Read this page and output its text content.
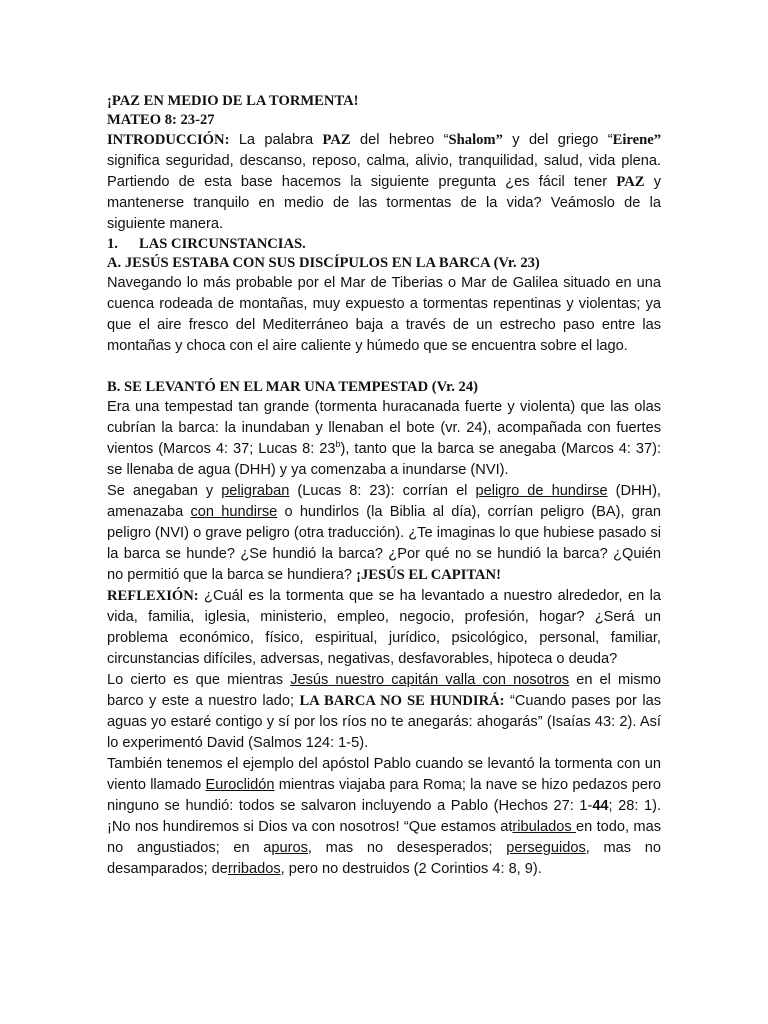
¡PAZ EN MEDIO DE LA TORMENTA!
MATEO 8: 23-27

INTRODUCCIÓN: La palabra PAZ del hebreo “Shalom” y del griego “Eirene” significa seguridad, descanso, reposo, calma, alivio, tranquilidad, salud, vida plena. Partiendo de esta base hacemos la siguiente pregunta ¿es fácil tener PAZ y mantenerse tranquilo en medio de las tormentas de la vida? Veámoslo de la siguiente manera.

1. LAS CIRCUNSTANCIAS.
A. JESÚS ESTABA CON SUS DISCÍPULOS EN LA BARCA (Vr. 23)

Navegando lo más probable por el Mar de Tiberias o Mar de Galilea situado en una cuenca rodeada de montañas, muy expuesto a tormentas repentinas y violentas; ya que el aire fresco del Mediterráneo baja a través de un estrecho paso entre las montañas y choca con el aire caliente y húmedo que se encuentra sobre el lago.

B. SE LEVANTÓ EN EL MAR UNA TEMPESTAD (Vr. 24)

Era una tempestad tan grande (tormenta huracanada fuerte y violenta) que las olas cubrían la barca: la inundaban y llenaban el bote (vr. 24), acompañada con fuertes vientos (Marcos 4: 37; Lucas 8: 23$^b$), tanto que la barca se anegaba (Marcos 4: 37): se llenaba de agua (DHH) y ya comenzaba a inundarse (NVI).

Se anegaban y peligraban (Lucas 8: 23): corrían el peligro de hundirse (DHH), amenazaba con hundirse o hundirlos (la Biblia al día), corrían peligro (BA), gran peligro (NVI) o grave peligro (otra traducción). ¿Te imaginas lo que hubiese pasado si la barca se hunde? ¿Se hundió la barca? ¿Por qué no se hundió la barca? ¿Quién no permitió que la barca se hundiera? ¡JESÚS EL CAPITAN!

REFLEXIÓN: ¿Cuál es la tormenta que se ha levantado a nuestro alrededor, en la vida, familia, iglesia, ministerio, empleo, negocio, profesión, hogar? ¿Será un problema económico, físico, espiritual, jurídico, psicológico, personal, familiar, circunstancias difíciles, adversas, negativas, desfavorables, hipoteca o deuda?

Lo cierto es que mientras Jesús nuestro capitán valla con nosotros en el mismo barco y este a nuestro lado; LA BARCA NO SE HUNDIRÁ: “Cuando pases por las aguas yo estaré contigo y sí por los ríos no te anegarás: ahogarás” (Isaías 43: 2). Así lo experimentó David (Salmos 124: 1-5).

También tenemos el ejemplo del apóstol Pablo cuando se levantó la tormenta con un viento llamado Euroclidón mientras viajaba para Roma; la nave se hizo pedazos pero ninguno se hundió: todos se salvaron incluyendo a Pablo (Hechos 27: 1-44; 28: 1). ¡No nos hundiremos si Dios va con nosotros! “Que estamos atribulados en todo, mas no angustiados; en apuros, mas no desesperados; perseguidos, mas no desamparados; derribados, pero no destruidos (2 Corintios 4: 8, 9).
